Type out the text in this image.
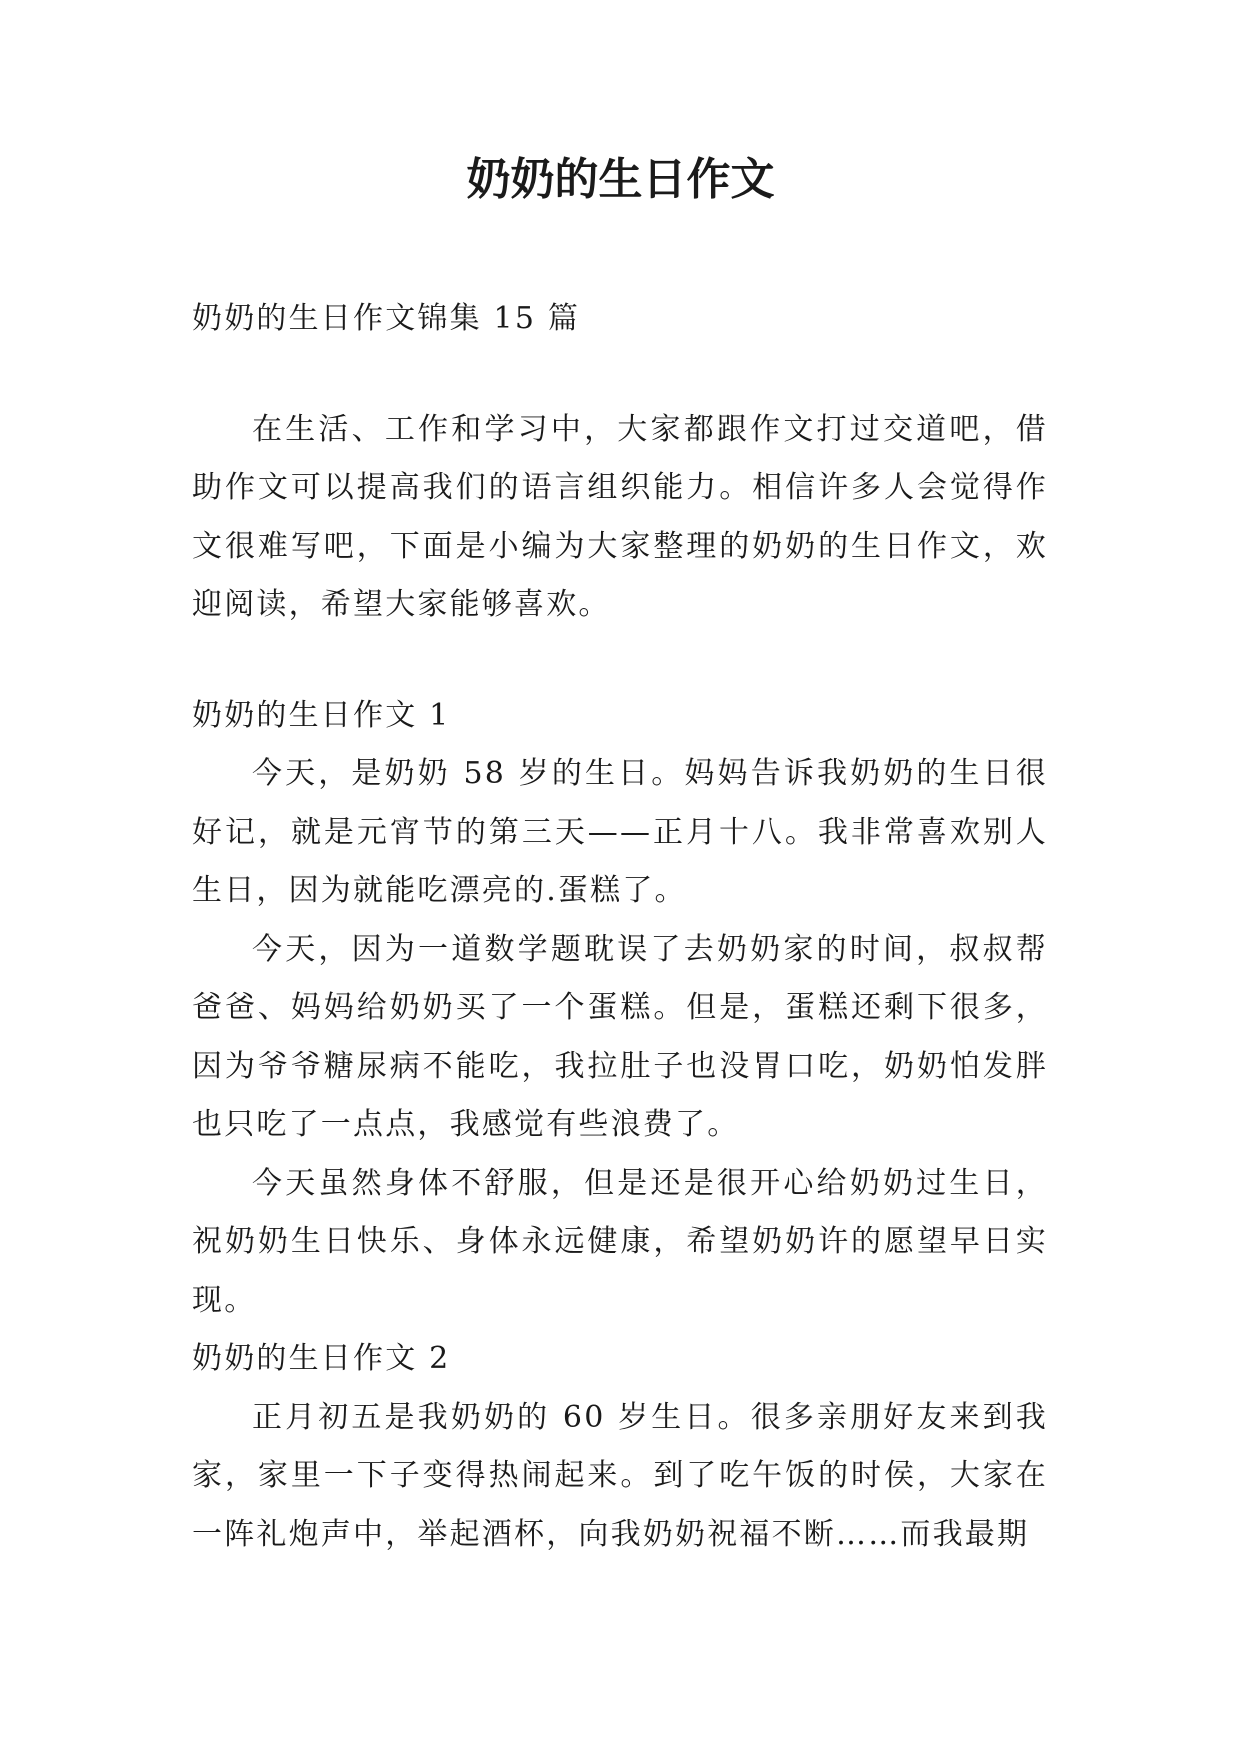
奶奶的生日作文

奶奶的生日作文锦集 15 篇

在生活、工作和学习中，大家都跟作文打过交道吧，借助作文可以提高我们的语言组织能力。相信许多人会觉得作文很难写吧，下面是小编为大家整理的奶奶的生日作文，欢迎阅读，希望大家能够喜欢。

奶奶的生日作文 1

今天，是奶奶 58 岁的生日。妈妈告诉我奶奶的生日很好记，就是元宵节的第三天——正月十八。我非常喜欢别人生日，因为就能吃漂亮的.蛋糕了。

今天，因为一道数学题耽误了去奶奶家的时间，叔叔帮爸爸、妈妈给奶奶买了一个蛋糕。但是，蛋糕还剩下很多，因为爷爷糖尿病不能吃，我拉肚子也没胃口吃，奶奶怕发胖也只吃了一点点，我感觉有些浪费了。

今天虽然身体不舒服，但是还是很开心给奶奶过生日，祝奶奶生日快乐、身体永远健康，希望奶奶许的愿望早日实现。

奶奶的生日作文 2

正月初五是我奶奶的 60 岁生日。很多亲朋好友来到我家，家里一下子变得热闹起来。到了吃午饭的时侯，大家在一阵礼炮声中，举起酒杯，向我奶奶祝福不断……而我最期
